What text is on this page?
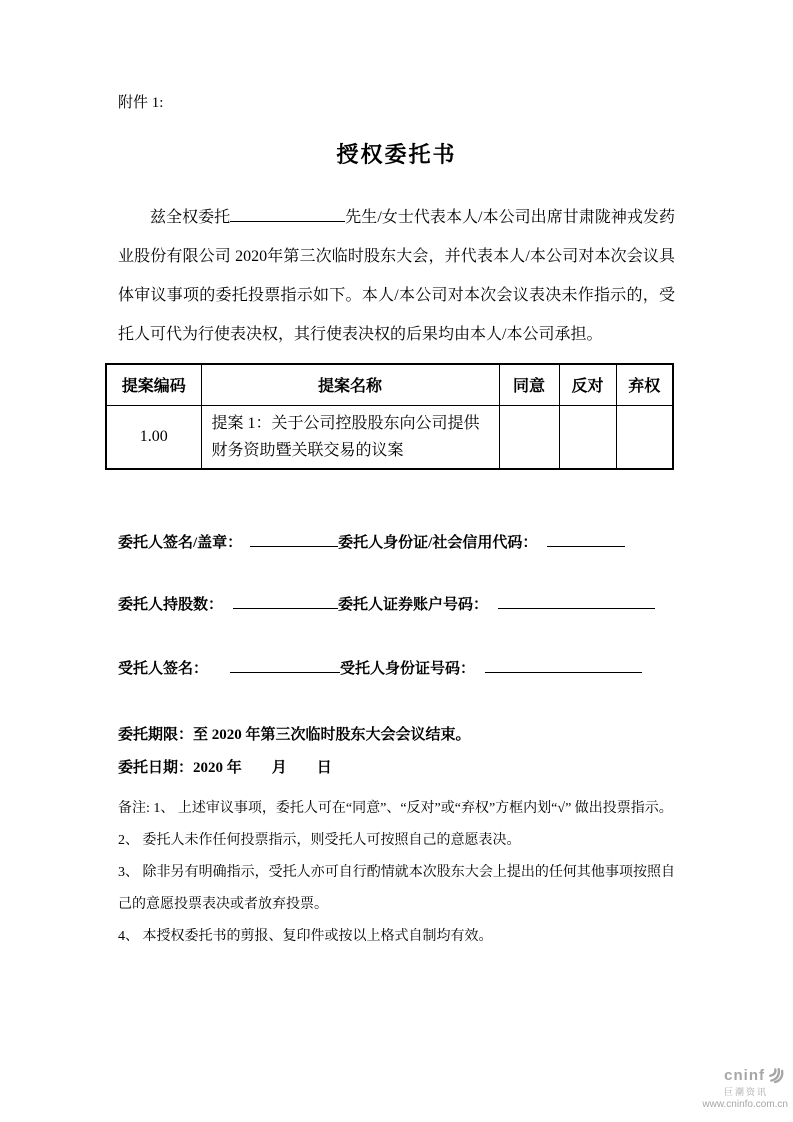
附件 1:
授权委托书
兹全权委托	先生/女士代表本人/本公司出席甘肃陇神戎发药业股份有限公司 2020年第三次临时股东大会，并代表本人/本公司对本次会议具体审议事项的委托投票指示如下。本人/本公司对本次会议表决未作指示的，受托人可代为行使表决权，其行使表决权的后果均由本人/本公司承担。
提案编码	提案名称	同意	反对	弃权
1.00	提案 1：关于公司控股股东向公司提供财务资助暨关联交易的议案			
委托人签名/盖章：	委托人身份证/社会信用代码：
委托人持股数：	委托人证券账户号码：
受托人签名：	受托人身份证号码：
委托期限：至 2020 年第三次临时股东大会会议结束。
委托日期：2020 年　　月　　日
备注: 1、 上述审议事项，委托人可在“同意”、“反对”或“弃权”方框内划“√” 做出投票指示。
2、 委托人未作任何投票指示，则受托人可按照自己的意愿表决。
3、 除非另有明确指示，受托人亦可自行酌情就本次股东大会上提出的任何其他事项按照自己的意愿投票表决或者放弃投票。
4、 本授权委托书的剪报、复印件或按以上格式自制均有效。
cninf
巨潮资讯
www.cninfo.com.cn
